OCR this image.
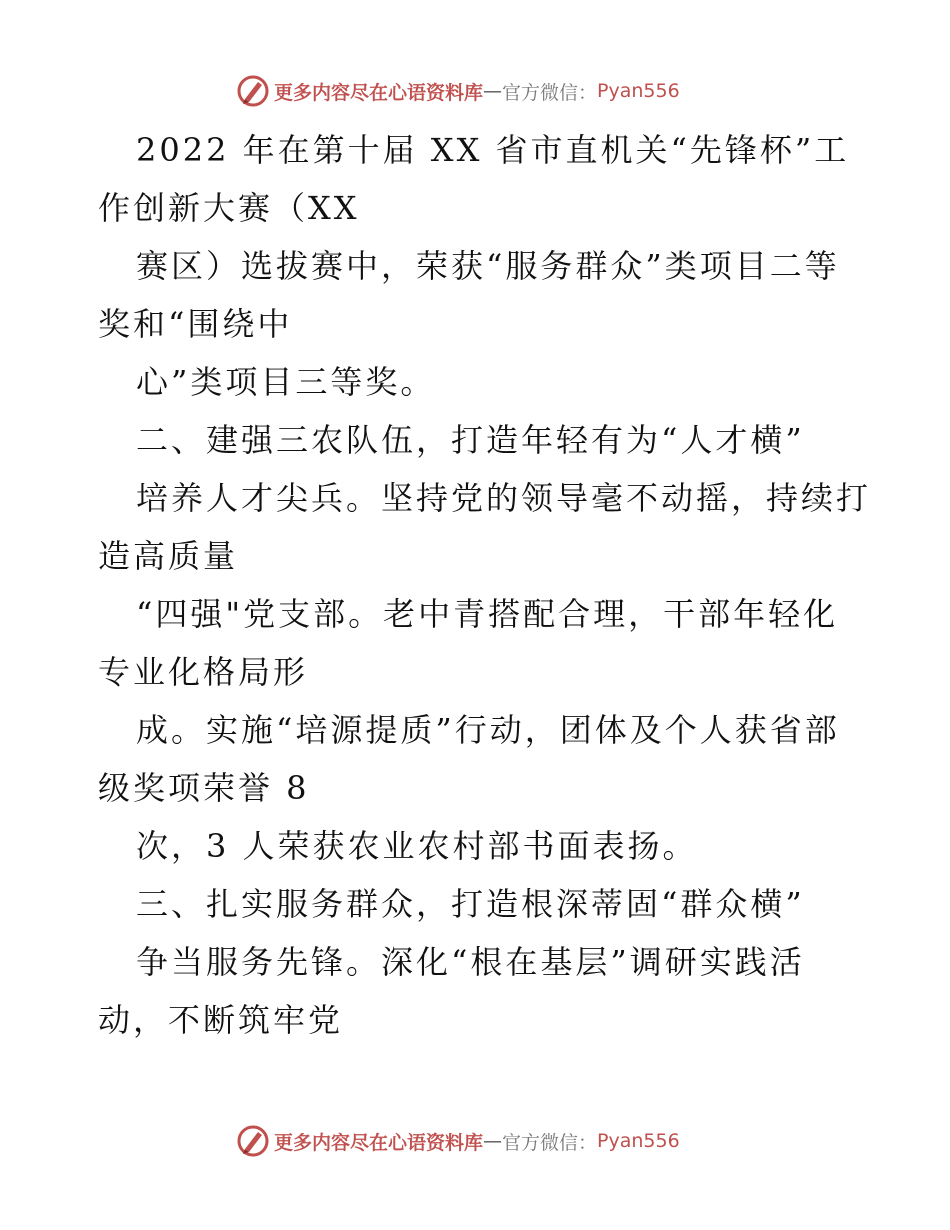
更多内容尽在心语资料库 — 官方微信： Pyan556
2022 年在第十届 XX 省市直机关“先锋杯”工
作创新大赛（XX
赛区）选拔赛中，荣获“服务群众”类项目二等
奖和“围绕中
心”类项目三等奖。
二、建强三农队伍，打造年轻有为“人才横”
培养人才尖兵。坚持党的领导毫不动摇，持续打
造高质量
“四强"党支部。老中青搭配合理，干部年轻化
专业化格局形
成。实施“培源提质”行动，团体及个人获省部
级奖项荣誉 8
次，3 人荣获农业农村部书面表扬。
三、扎实服务群众，打造根深蒂固“群众横”
争当服务先锋。深化“根在基层”调研实践活
动，不断筑牢党
更多内容尽在心语资料库 — 官方微信： Pyan556
